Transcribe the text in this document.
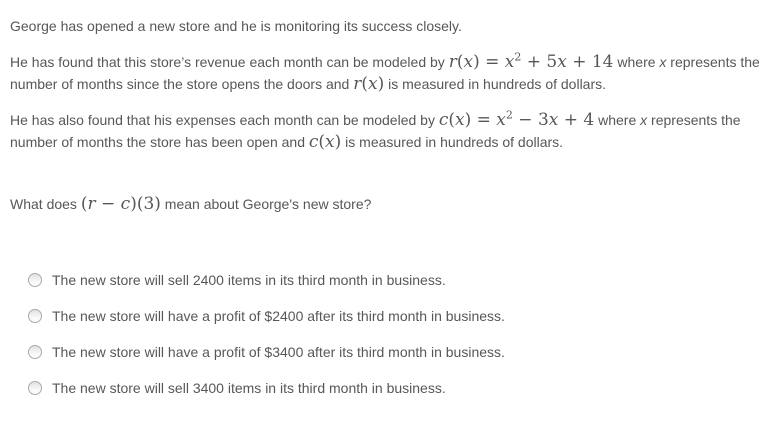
George has opened a new store and he is monitoring its success closely.
He has found that this store’s revenue each month can be modeled by $r(x) = x^2 + 5x + 14$ where x represents the
number of months since the store opens the doors and r(x) is measured in hundreds of dollars.
He has also found that his expenses each month can be modeled by $c(x) = x^2 - 3x + 4$ where x represents the
number of months the store has been open and c(x) is measured in hundreds of dollars.
What does (r − c)(3) mean about George's new store?
The new store will sell 2400 items in its third month in business.
The new store will have a profit of $2400 after its third month in business.
The new store will have a profit of $3400 after its third month in business.
The new store will sell 3400 items in its third month in business.
